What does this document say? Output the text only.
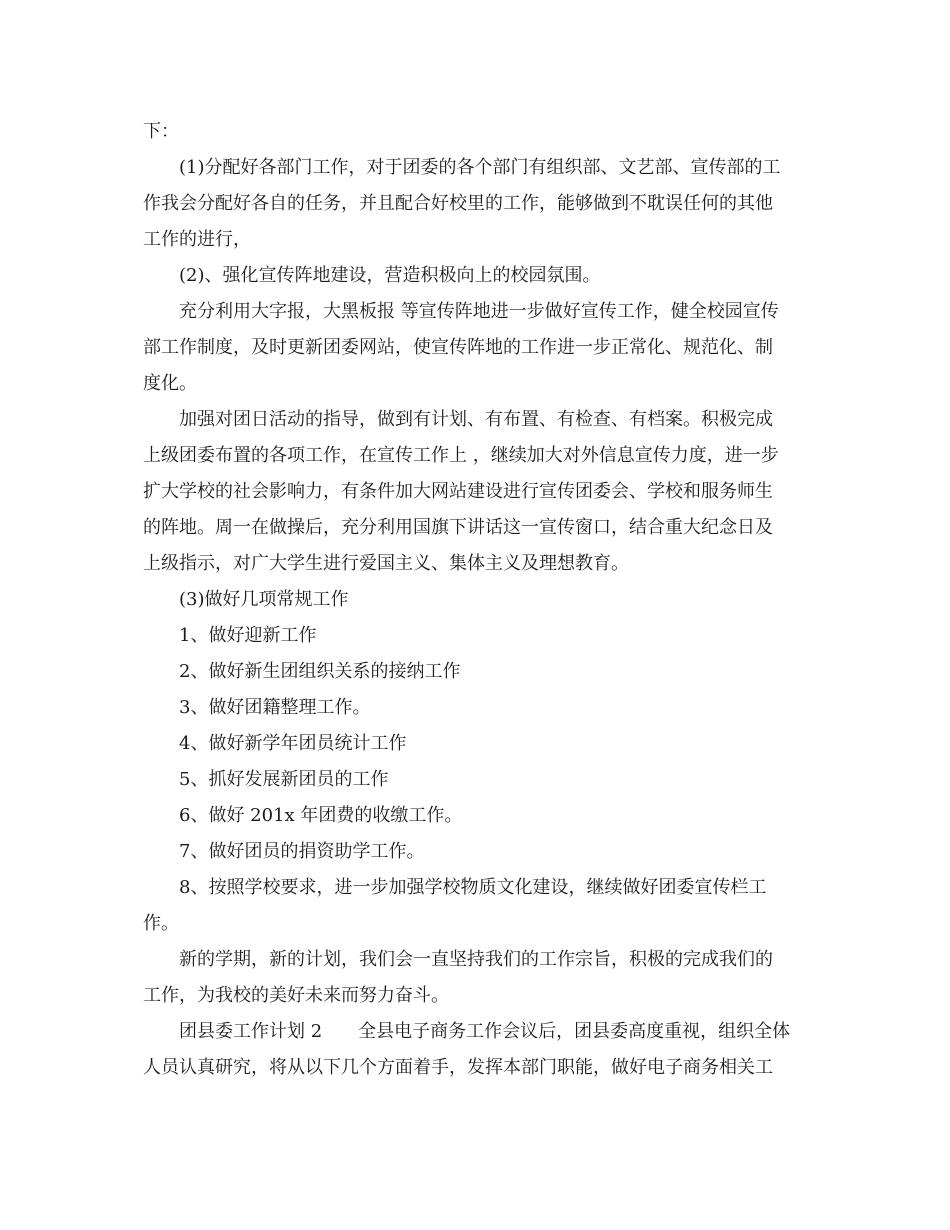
下：
(1)分配好各部门工作，对于团委的各个部门有组织部、文艺部、宣传部的工
作我会分配好各自的任务，并且配合好校里的工作，能够做到不耽误任何的其他
工作的进行，
(2)、强化宣传阵地建设，营造积极向上的校园氛围。
充分利用大字报，大黑板报 等宣传阵地进一步做好宣传工作，健全校园宣传
部工作制度，及时更新团委网站，使宣传阵地的工作进一步正常化、规范化、制
度化。
加强对团日活动的指导，做到有计划、有布置、有检查、有档案。积极完成
上级团委布置的各项工作，在宣传工作上 ，继续加大对外信息宣传力度，进一步
扩大学校的社会影响力，有条件加大网站建设进行宣传团委会、学校和服务师生
的阵地。周一在做操后，充分利用国旗下讲话这一宣传窗口，结合重大纪念日及
上级指示，对广大学生进行爱国主义、集体主义及理想教育。
(3)做好几项常规工作
1、做好迎新工作
2、做好新生团组织关系的接纳工作
3、做好团籍整理工作。
4、做好新学年团员统计工作
5、抓好发展新团员的工作
6、做好 201x 年团费的收缴工作。
7、做好团员的捐资助学工作。
8、按照学校要求，进一步加强学校物质文化建设，继续做好团委宣传栏工
作。
新的学期，新的计划，我们会一直坚持我们的工作宗旨，积极的完成我们的
工作，为我校的美好未来而努力奋斗。
团县委工作计划 2　　全县电子商务工作会议后，团县委高度重视，组织全体
人员认真研究，将从以下几个方面着手，发挥本部门职能，做好电子商务相关工
